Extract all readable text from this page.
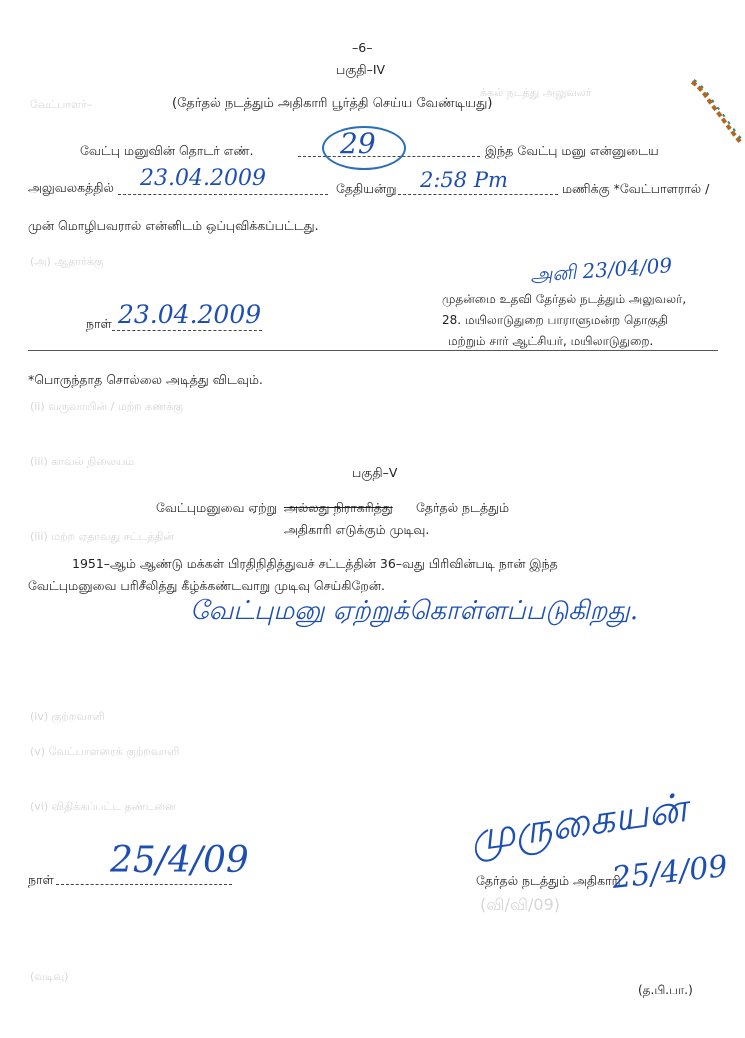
வேட்பாளர்–
க்கல் நடத்து அலுவலர்
(அ) ஆதார்க்கு
(ii) வருவாயின் / மற்ற கணக்கு
(iii) காவல் நிலையம்
(iii) மற்ற ஏதாவது சட்டத்தின்
(iv) குற்றவாளி
(v) வேட்பாளரைக் குற்றவாளி
(vi) விதிக்கப்பட்ட தண்டனை
(வடிவு)
(வி/வி/09)
–6–
பகுதி–IV
(தேர்தல் நடத்தும் அதிகாரி பூர்த்தி செய்ய வேண்டியது)
வேட்பு மனுவின் தொடர் எண்.	29	இந்த வேட்பு மனு என்னுடைய
அலுவலகத்தில் 23.04.2009	தேதியன்று 2:58 Pm	மணிக்கு *வேட்பாளரால் /
முன் மொழிபவரால் என்னிடம் ஒப்புவிக்கப்பட்டது.
நாள் 23.04.2009
அனி 23/04/09
முதன்மை உதவி தேர்தல் நடத்தும் அலுவலர்,
28. மயிலாடுதுறை பாராளுமன்ற தொகுதி
மற்றும் சார் ஆட்சியர், மயிலாடுதுறை.
*பொருந்தாத சொல்லை அடித்து விடவும்.
பகுதி–V
வேட்புமனுவை ஏற்று அல்லது நிராகரித்து தேர்தல் நடத்தும்
அதிகாரி எடுக்கும் முடிவு.
1951–ஆம் ஆண்டு மக்கள் பிரதிநிதித்துவச் சட்டத்தின் 36–வது பிரிவின்படி நான் இந்த
வேட்புமனுவை பரிசீலித்து கீழ்க்கண்டவாறு முடிவு செய்கிறேன்.
வேட்புமனு ஏற்றுக்கொள்ளப்படுகிறது.
நாள் 25/4/09	முருகையன்
தேர்தல் நடத்தும் அதிகாரி
25/4/09
(த.பி.பா.)
